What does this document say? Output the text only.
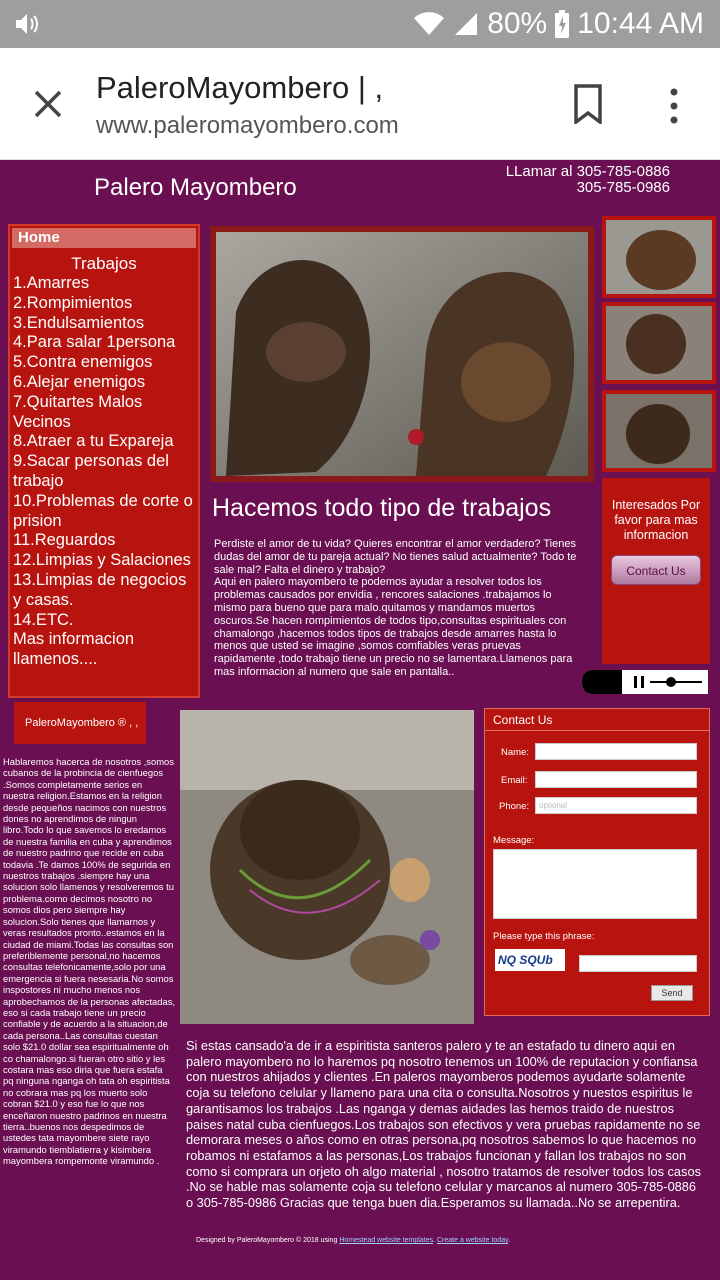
80% 10:44 AM
PaleroMayombero | ,
www.paleromayombero.com
Palero Mayombero
LLamar al 305-785-0886
305-785-0986
Home
Trabajos
1.Amarres
2.Rompimientos
3.Endulsamientos
4.Para salar 1persona
5.Contra enemigos
6.Alejar enemigos
7.Quitartes Malos Vecinos
8.Atraer a tu Expareja
9.Sacar personas del trabajo
10.Problemas de corte o prision
11.Reguardos
12.Limpias y Salaciones
13.Limpias de negocios y casas.
14.ETC.
Mas informacion llamenos....
Hacemos todo tipo de trabajos
Perdiste el amor de tu vida? Quieres encontrar el amor verdadero? Tienes dudas del amor de tu pareja actual? No tienes salud actualmente? Todo te sale mal? Falta el dinero y trabajo?
Aqui en palero mayombero te podemos ayudar a resolver todos los problemas causados por envidia , rencores salaciones .trabajamos lo mismo para bueno que para malo.quitamos y mandamos muertos oscuros.Se hacen rompimientos de todos tipo,consultas espirituales con chamalongo ,hacemos todos tipos de trabajos desde amarres hasta lo menos que usted se imagine ,somos comfiables veras pruevas rapidamente ,todo trabajo tiene un precio no se lamentara.Llamenos para mas informacion al numero que sale en pantalla..
Interesados Por favor para mas informacion
Contact Us
PaleroMayombero ® , ,
Hablaremos hacerca de nosotros ,somos cubanos de la probincia de cienfuegos .Somos completamente serios en nuestra religion.Estamos en la religion desde pequeños nacimos con nuestros dones no aprendimos de ningun libro.Todo lo que savemos lo eredamos de nuestra familia en cuba y aprendimos de nuestro padrino que recide en cuba todavia .Te damos 100% de segurida en nuestros trabajos .siempre hay una solucion solo llamenos y resolveremos tu problema.como decimos nosotro no somos dios pero siempre hay solucion.Solo tienes que llamarnos y veras resultados pronto..estamos en la ciudad de miami.Todas las consultas son preferiblemente personal,no hacemos consultas telefonicamente,solo por una emergencia si fuera nesesaria.No somos inspostores ni mucho menos nos aprobechamos de la personas afectadas, eso si cada trabajo tiene un precio confiable y de acuerdo a la situacion,de cada persona..Las consultas cuestan solo $21.0 dollar sea espiritualmente oh co chamalongo.si fueran otro sitio y les costara mas eso diria que fuera estafa pq ninguna nganga oh tata oh espiritista no cobrara mas pq los muerto solo cobran $21.0 y eso fue lo que nos enceñaron nuestro padrinos en nuestra tierra..buenos nos despedimos de ustedes tata mayombere siete rayo viramundo tiemblatierra y kisimbera mayombera rompemonte viramundo .
Contact Us
Name:
Email:
Phone:	optional
Message:
Please type this phrase:
NQ SQUb
Send
Si estas cansado'a de ir a espiritista santeros palero y te an estafado tu dinero aqui en palero mayombero no lo haremos pq nosotro tenemos un 100% de reputacion y confiansa con nuestros ahijados y clientes .En paleros mayomberos podemos ayudarte solamente coja su telefono celular y llameno para una cita o consulta.Nosotros y nuestos espiritus le garantisamos los trabajos .Las nganga y demas aidades las hemos traido de nuestros paises natal cuba cienfuegos.Los trabajos son efectivos y vera pruebas rapidamente no se demorara meses o años como en otras persona,pq nosotros sabemos lo que hacemos no robamos ni estafamos a las personas,Los trabajos funcionan y fallan los trabajos no son como si comprara un orjeto oh algo material , nosotro tratamos de resolver todos los casos .No se hable mas solamente coja su telefono celular y marcanos al numero 305-785-0886 o 305-785-0986 Gracias que tenga buen dia.Esperamos su llamada..No se arrepentira.
Designed by PaleroMayombero © 2018 using Homestead website templates. Create a website today.
